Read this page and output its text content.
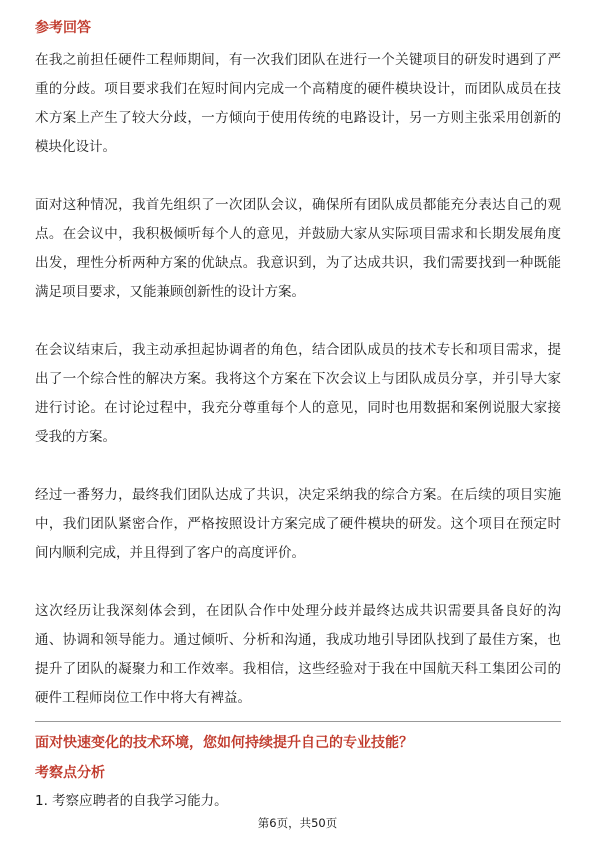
参考回答

在我之前担任硬件工程师期间，有一次我们团队在进行一个关键项目的研发时遇到了严重的分歧。项目要求我们在短时间内完成一个高精度的硬件模块设计，而团队成员在技术方案上产生了较大分歧，一方倾向于使用传统的电路设计，另一方则主张采用创新的模块化设计。

面对这种情况，我首先组织了一次团队会议，确保所有团队成员都能充分表达自己的观点。在会议中，我积极倾听每个人的意见，并鼓励大家从实际项目需求和长期发展角度出发，理性分析两种方案的优缺点。我意识到，为了达成共识，我们需要找到一种既能满足项目要求，又能兼顾创新性的设计方案。

在会议结束后，我主动承担起协调者的角色，结合团队成员的技术专长和项目需求，提出了一个综合性的解决方案。我将这个方案在下次会议上与团队成员分享，并引导大家进行讨论。在讨论过程中，我充分尊重每个人的意见，同时也用数据和案例说服大家接受我的方案。

经过一番努力，最终我们团队达成了共识，决定采纳我的综合方案。在后续的项目实施中，我们团队紧密合作，严格按照设计方案完成了硬件模块的研发。这个项目在预定时间内顺利完成，并且得到了客户的高度评价。

这次经历让我深刻体会到，在团队合作中处理分歧并最终达成共识需要具备良好的沟通、协调和领导能力。通过倾听、分析和沟通，我成功地引导团队找到了最佳方案，也提升了团队的凝聚力和工作效率。我相信，这些经验对于我在中国航天科工集团公司的硬件工程师岗位工作中将大有裨益。

面对快速变化的技术环境，您如何持续提升自己的专业技能？
考察点分析
1. 考察应聘者的自我学习能力。
第6页，共50页
